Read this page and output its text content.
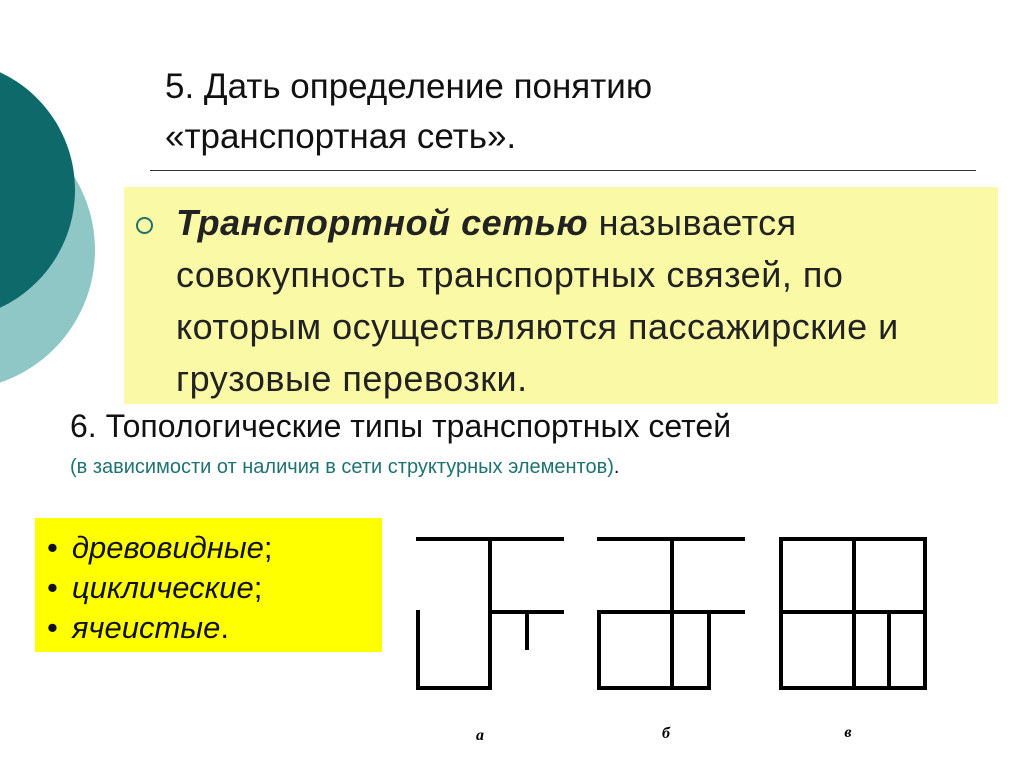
5. Дать определение понятию
«транспортная сеть».
Транспортной сетью называется совокупность транспортных связей, по которым осуществляются пассажирские и грузовые перевозки.
6. Топологические типы транспортных сетей
(в зависимости от наличия в сети структурных элементов).
• древовидные;
• циклические;
• ячеистые.
а	б	в
